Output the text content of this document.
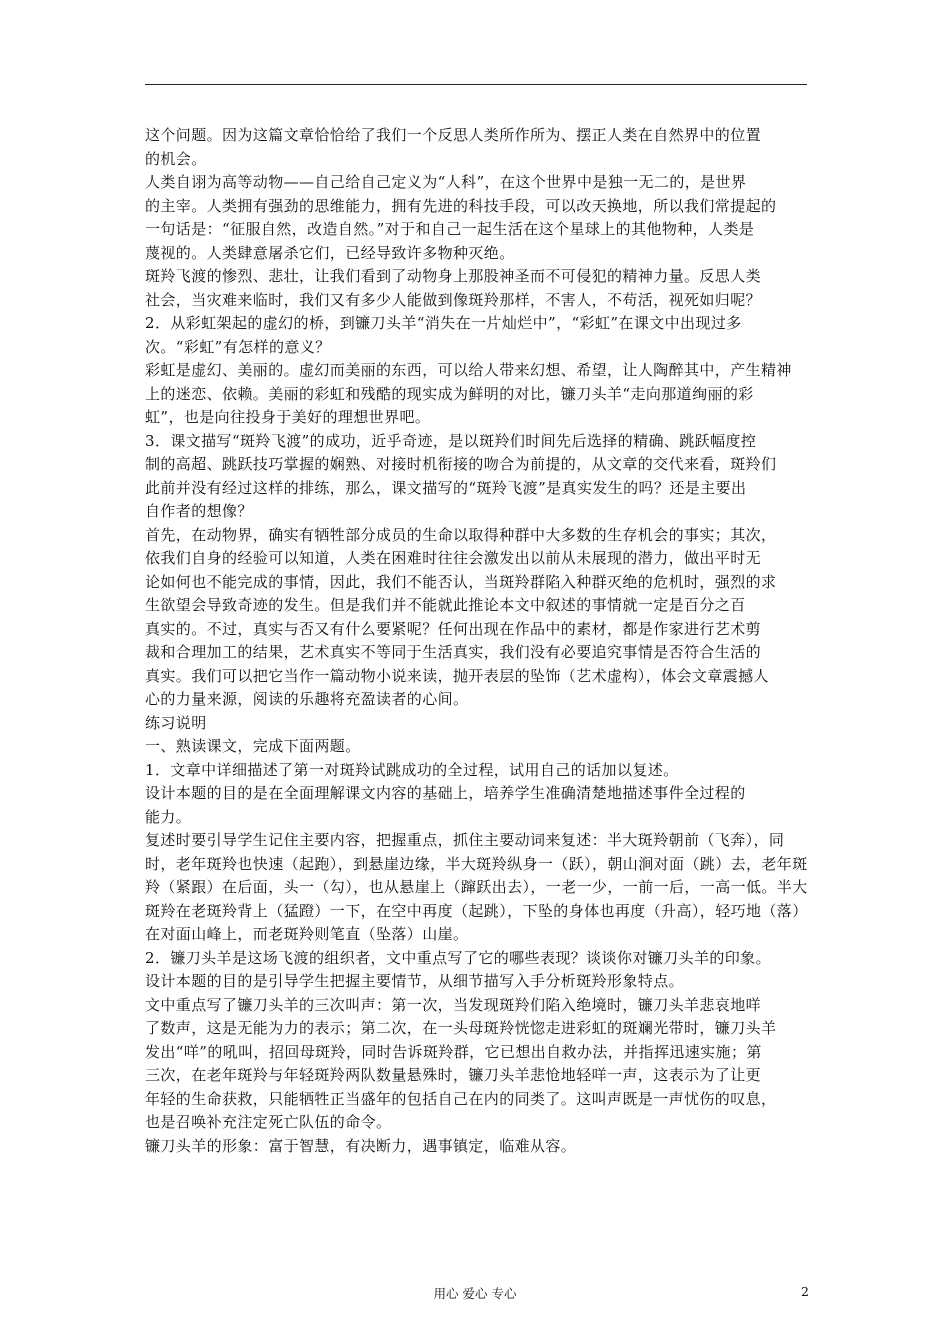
这个问题。因为这篇文章恰恰给了我们一个反思人类所作所为、摆正人类在自然界中的位置
的机会。
人类自诩为高等动物——自己给自己定义为“人科”，在这个世界中是独一无二的，是世界
的主宰。人类拥有强劲的思维能力，拥有先进的科技手段，可以改天换地，所以我们常提起的
一句话是：“征服自然，改造自然。”对于和自己一起生活在这个星球上的其他物种，人类是
蔑视的。人类肆意屠杀它们，已经导致许多物种灭绝。
斑羚飞渡的惨烈、悲壮，让我们看到了动物身上那股神圣而不可侵犯的精神力量。反思人类
社会，当灾难来临时，我们又有多少人能做到像斑羚那样，不害人，不苟活，视死如归呢？
2．从彩虹架起的虚幻的桥，到镰刀头羊“消失在一片灿烂中”，“彩虹”在课文中出现过多
次。“彩虹”有怎样的意义？
彩虹是虚幻、美丽的。虚幻而美丽的东西，可以给人带来幻想、希望，让人陶醉其中，产生精神
上的迷恋、依赖。美丽的彩虹和残酷的现实成为鲜明的对比，镰刀头羊“走向那道绚丽的彩
虹”，也是向往投身于美好的理想世界吧。
3．课文描写“斑羚飞渡”的成功，近乎奇迹，是以斑羚们时间先后选择的精确、跳跃幅度控
制的高超、跳跃技巧掌握的娴熟、对接时机衔接的吻合为前提的，从文章的交代来看，斑羚们
此前并没有经过这样的排练，那么，课文描写的“斑羚飞渡”是真实发生的吗？还是主要出
自作者的想像？
首先，在动物界，确实有牺牲部分成员的生命以取得种群中大多数的生存机会的事实；其次，
依我们自身的经验可以知道，人类在困难时往往会激发出以前从未展现的潜力，做出平时无
论如何也不能完成的事情，因此，我们不能否认，当斑羚群陷入种群灭绝的危机时，强烈的求
生欲望会导致奇迹的发生。但是我们并不能就此推论本文中叙述的事情就一定是百分之百
真实的。不过，真实与否又有什么要紧呢？任何出现在作品中的素材，都是作家进行艺术剪
裁和合理加工的结果，艺术真实不等同于生活真实，我们没有必要追究事情是否符合生活的
真实。我们可以把它当作一篇动物小说来读，抛开表层的坠饰（艺术虚构），体会文章震撼人
心的力量来源，阅读的乐趣将充盈读者的心间。
练习说明
一、熟读课文，完成下面两题。
1．文章中详细描述了第一对斑羚试跳成功的全过程，试用自己的话加以复述。
设计本题的目的是在全面理解课文内容的基础上，培养学生准确清楚地描述事件全过程的
能力。
复述时要引导学生记住主要内容，把握重点，抓住主要动词来复述：半大斑羚朝前（飞奔），同
时，老年斑羚也快速（起跑），到悬崖边缘，半大斑羚纵身一（跃），朝山涧对面（跳）去，老年斑
羚（紧跟）在后面，头一（勾），也从悬崖上（蹿跃出去），一老一少，一前一后，一高一低。半大
斑羚在老斑羚背上（猛蹬）一下，在空中再度（起跳），下坠的身体也再度（升高），轻巧地（落）
在对面山峰上，而老斑羚则笔直（坠落）山崖。
2．镰刀头羊是这场飞渡的组织者，文中重点写了它的哪些表现？谈谈你对镰刀头羊的印象。
设计本题的目的是引导学生把握主要情节，从细节描写入手分析斑羚形象特点。
文中重点写了镰刀头羊的三次叫声：第一次，当发现斑羚们陷入绝境时，镰刀头羊悲哀地咩
了数声，这是无能为力的表示；第二次，在一头母斑羚恍惚走进彩虹的斑斓光带时，镰刀头羊
发出“咩”的吼叫，招回母斑羚，同时告诉斑羚群，它已想出自救办法，并指挥迅速实施；第
三次，在老年斑羚与年轻斑羚两队数量悬殊时，镰刀头羊悲怆地轻咩一声，这表示为了让更
年轻的生命获救，只能牺牲正当盛年的包括自己在内的同类了。这叫声既是一声忧伤的叹息，
也是召唤补充注定死亡队伍的命令。
镰刀头羊的形象：富于智慧，有决断力，遇事镇定，临难从容。
用心 爱心 专心	2
